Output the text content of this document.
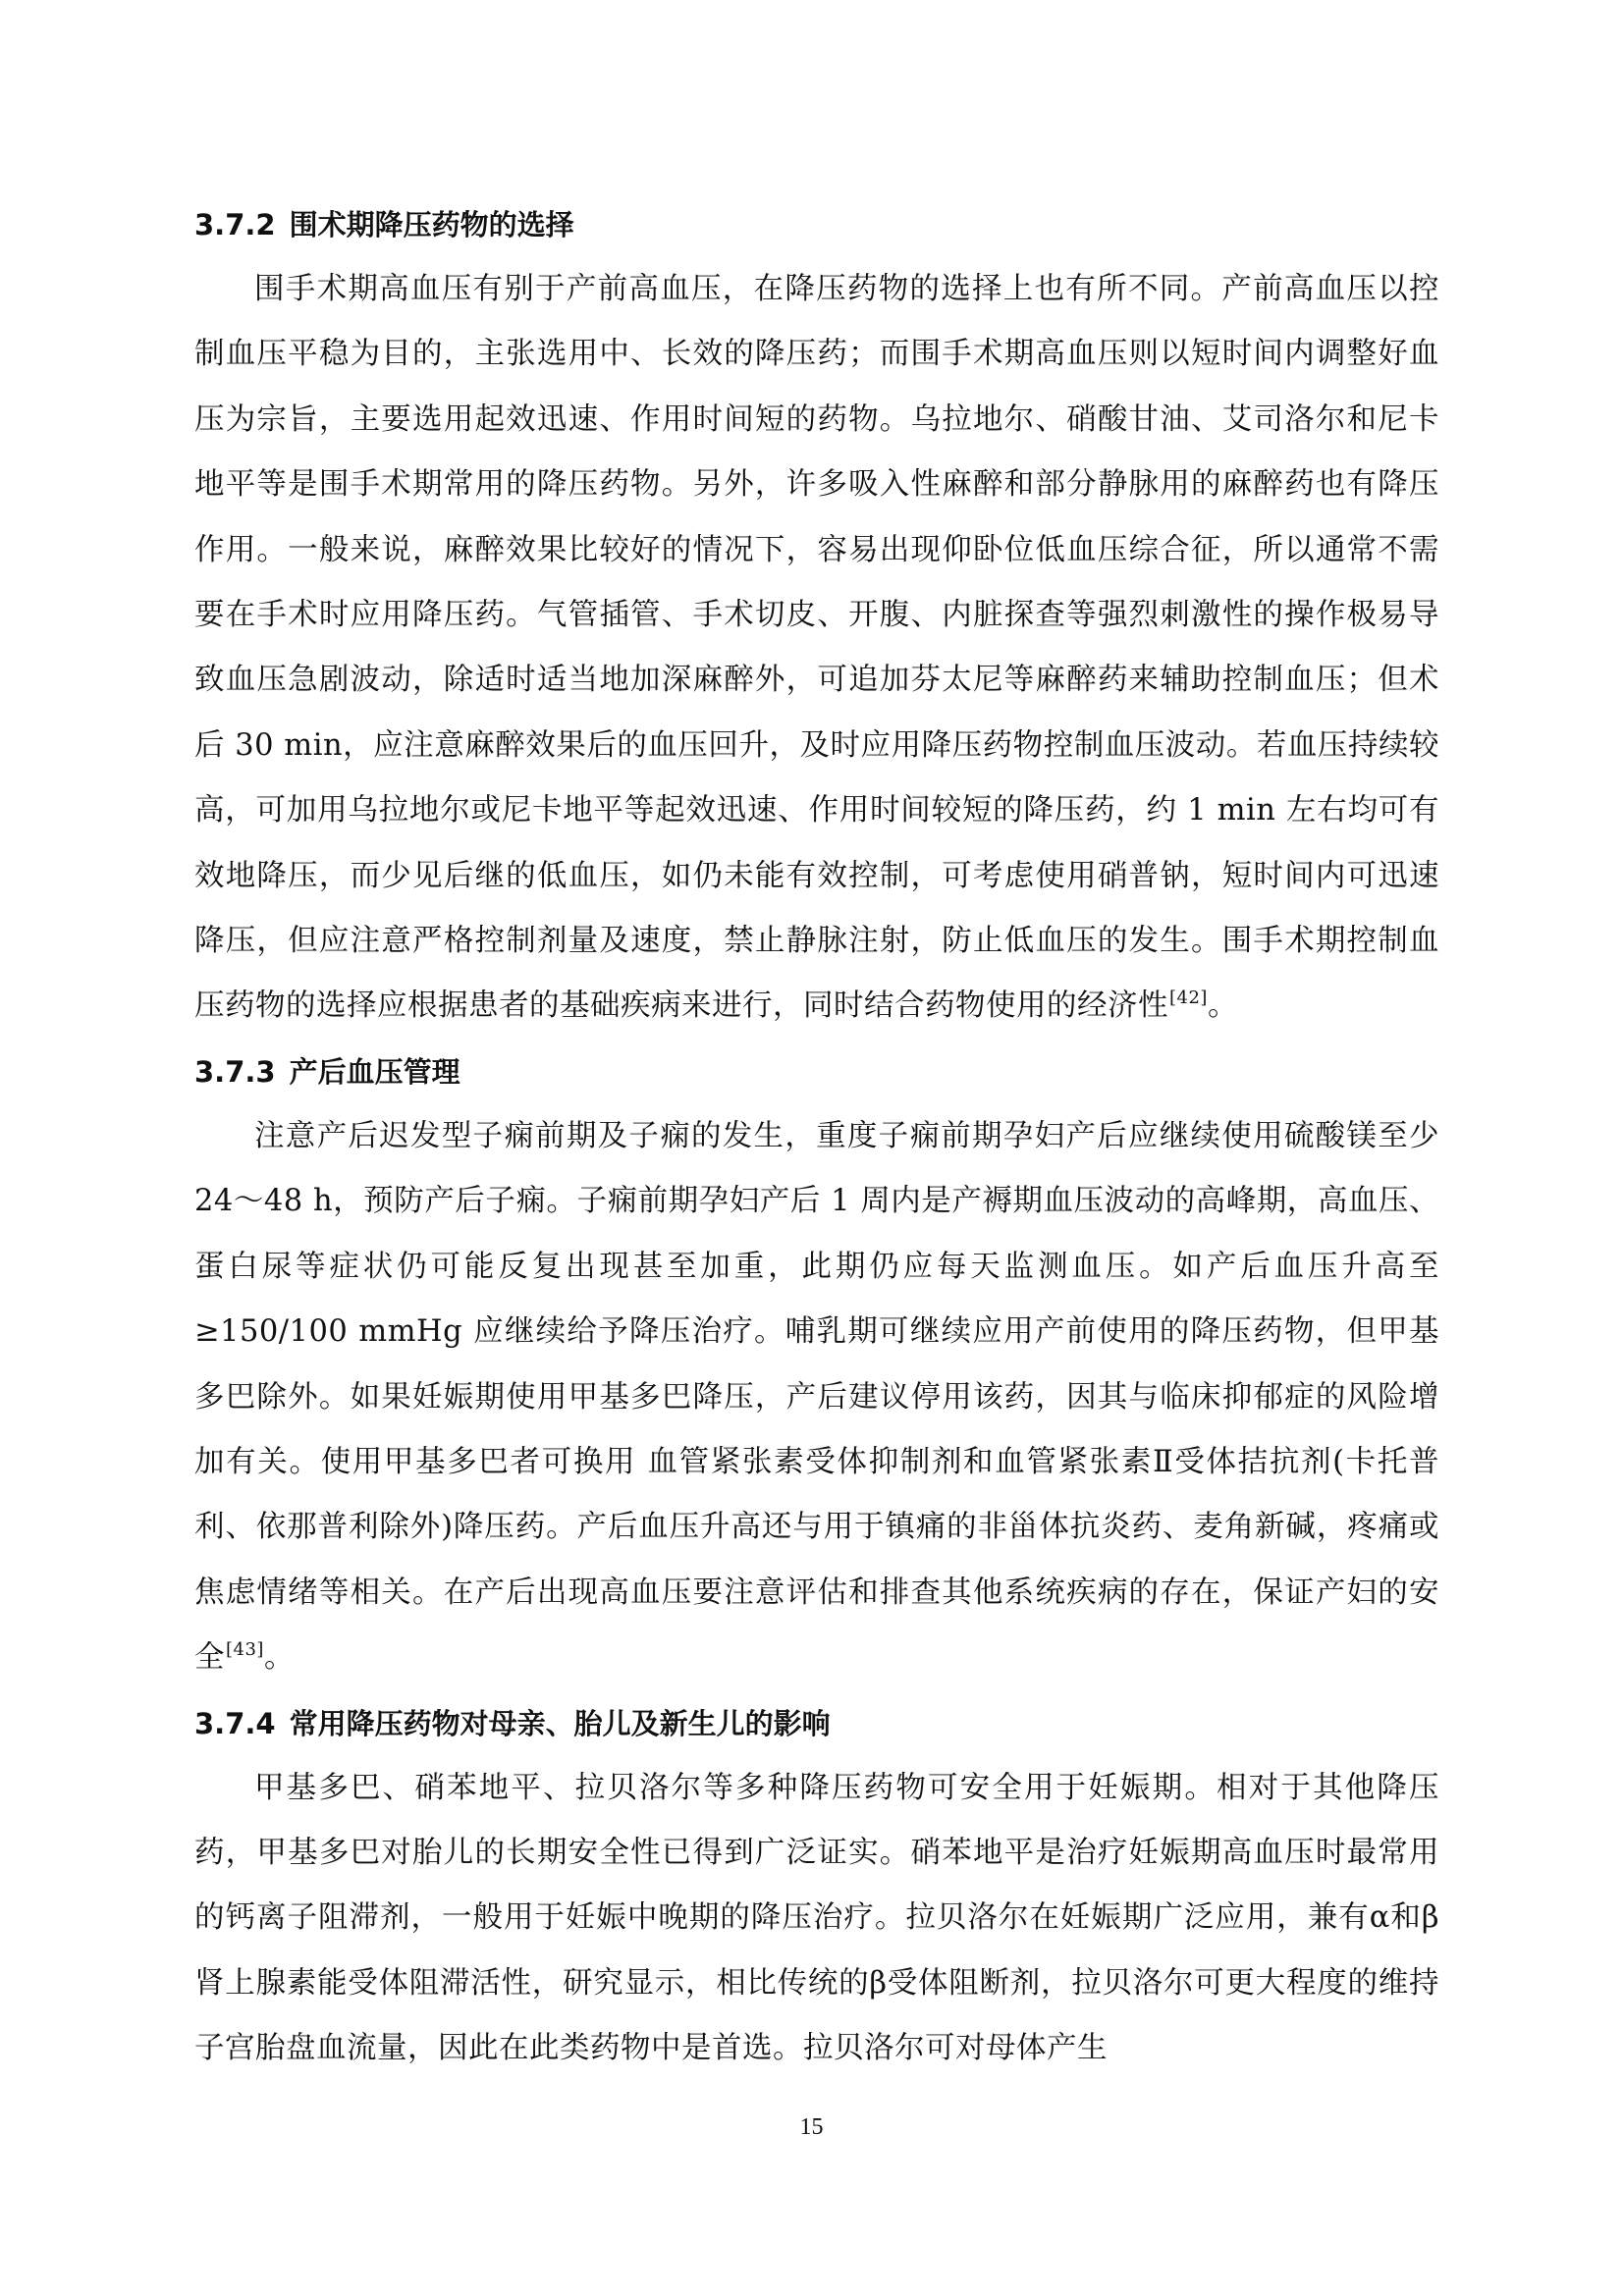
3.7.2 围术期降压药物的选择

围手术期高血压有别于产前高血压，在降压药物的选择上也有所不同。产前高血压以控制血压平稳为目的，主张选用中、长效的降压药；而围手术期高血压则以短时间内调整好血压为宗旨，主要选用起效迅速、作用时间短的药物。乌拉地尔、硝酸甘油、艾司洛尔和尼卡地平等是围手术期常用的降压药物。另外，许多吸入性麻醉和部分静脉用的麻醉药也有降压作用。一般来说，麻醉效果比较好的情况下，容易出现仰卧位低血压综合征，所以通常不需要在手术时应用降压药。气管插管、手术切皮、开腹、内脏探查等强烈刺激性的操作极易导致血压急剧波动，除适时适当地加深麻醉外，可追加芬太尼等麻醉药来辅助控制血压；但术后 30 min，应注意麻醉效果后的血压回升，及时应用降压药物控制血压波动。若血压持续较高，可加用乌拉地尔或尼卡地平等起效迅速、作用时间较短的降压药，约 1 min 左右均可有效地降压，而少见后继的低血压，如仍未能有效控制，可考虑使用硝普钠，短时间内可迅速降压，但应注意严格控制剂量及速度，禁止静脉注射，防止低血压的发生。围手术期控制血压药物的选择应根据患者的基础疾病来进行，同时结合药物使用的经济性[42]。

3.7.3 产后血压管理

注意产后迟发型子痫前期及子痫的发生，重度子痫前期孕妇产后应继续使用硫酸镁至少 24～48 h，预防产后子痫。子痫前期孕妇产后 1 周内是产褥期血压波动的高峰期，高血压、蛋白尿等症状仍可能反复出现甚至加重，此期仍应每天监测血压。如产后血压升高至≥150/100 mmHg 应继续给予降压治疗。哺乳期可继续应用产前使用的降压药物，但甲基多巴除外。如果妊娠期使用甲基多巴降压，产后建议停用该药，因其与临床抑郁症的风险增加有关。使用甲基多巴者可换用 血管紧张素受体抑制剂和血管紧张素Ⅱ受体拮抗剂(卡托普利、依那普利除外)降压药。产后血压升高还与用于镇痛的非甾体抗炎药、麦角新碱，疼痛或焦虑情绪等相关。在产后出现高血压要注意评估和排查其他系统疾病的存在，保证产妇的安全[43]。

3.7.4 常用降压药物对母亲、胎儿及新生儿的影响

甲基多巴、硝苯地平、拉贝洛尔等多种降压药物可安全用于妊娠期。相对于其他降压药，甲基多巴对胎儿的长期安全性已得到广泛证实。硝苯地平是治疗妊娠期高血压时最常用的钙离子阻滞剂，一般用于妊娠中晚期的降压治疗。拉贝洛尔在妊娠期广泛应用，兼有α和β肾上腺素能受体阻滞活性，研究显示，相比传统的β受体阻断剂，拉贝洛尔可更大程度的维持子宫胎盘血流量，因此在此类药物中是首选。拉贝洛尔可对母体产生

15
